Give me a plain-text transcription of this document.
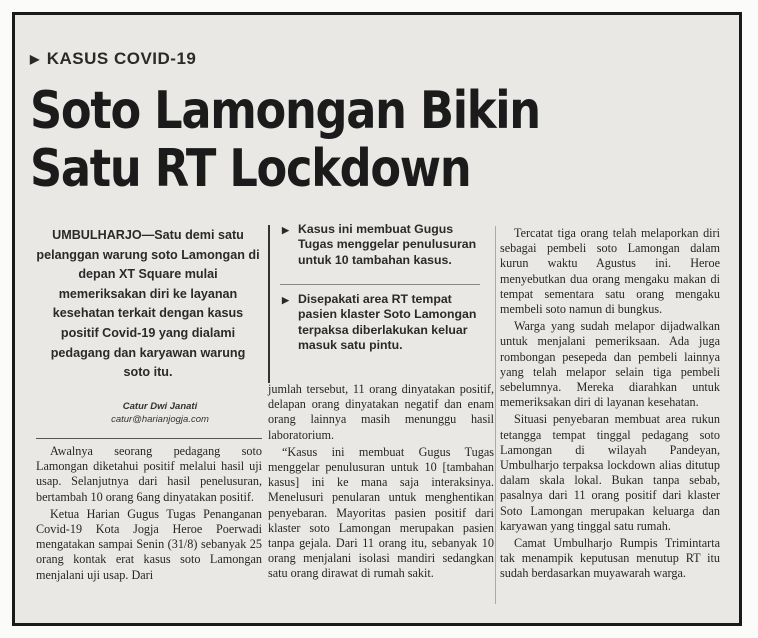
▶ KASUS COVID-19
Soto Lamongan Bikin
Satu RT Lockdown
UMBULHARJO—Satu demi satu pelanggan warung soto Lamongan di depan XT Square mulai memeriksakan diri ke layanan kesehatan terkait dengan kasus positif Covid-19 yang dialami pedagang dan karyawan warung soto itu.
Catur Dwi Janati
catur@harianjogja.com
▶ Kasus ini membuat Gugus Tugas menggelar penulusuran untuk 10 tambahan kasus.
▶ Disepakati area RT tempat pasien klaster Soto Lamongan terpaksa diberlakukan keluar masuk satu pintu.

Awalnya seorang pedagang soto Lamongan diketahui positif melalui hasil uji usap. Selanjutnya dari hasil penelusuran, bertambah 10 orang 6ang dinyatakan positif.

Ketua Harian Gugus Tugas Penanganan Covid-19 Kota Jogja Heroe Poerwadi mengatakan sampai Senin (31/8) sebanyak 25 orang kontak erat kasus soto Lamongan menjalani uji usap. Dari

jumlah tersebut, 11 orang dinyatakan positif, delapan orang dinyatakan negatif dan enam orang lainnya masih menunggu hasil laboratorium.

“Kasus ini membuat Gugus Tugas menggelar penulusuran untuk 10 [tambahan kasus] ini ke mana saja interaksinya. Menelusuri penularan untuk menghentikan penyebaran. Mayoritas pasien positif dari klaster soto Lamongan merupakan pasien tanpa gejala. Dari 11 orang itu, sebanyak 10 orang menjalani isolasi mandiri sedangkan satu orang dirawat di rumah sakit.

Tercatat tiga orang telah melaporkan diri sebagai pembeli soto Lamongan dalam kurun waktu Agustus ini. Heroe menyebutkan dua orang mengaku makan di tempat sementara satu orang mengaku membeli soto namun di bungkus.

Warga yang sudah melapor dijadwalkan untuk menjalani pemeriksaan. Ada juga rombongan pesepeda dan pembeli lainnya yang telah melapor selain tiga pembeli sebelumnya. Mereka diarahkan untuk memeriksakan diri di layanan kesehatan.

Situasi penyebaran membuat area rukun tetangga tempat tinggal pedagang soto Lamongan di wilayah Pandeyan, Umbulharjo terpaksa lockdown alias ditutup dalam skala lokal. Bukan tanpa sebab, pasalnya dari 11 orang positif dari klaster Soto Lamongan merupakan keluarga dan karyawan yang tinggal satu rumah.

Camat Umbulharjo Rumpis Trimintarta tak menampik keputusan menutup RT itu sudah berdasarkan muyawarah warga.
